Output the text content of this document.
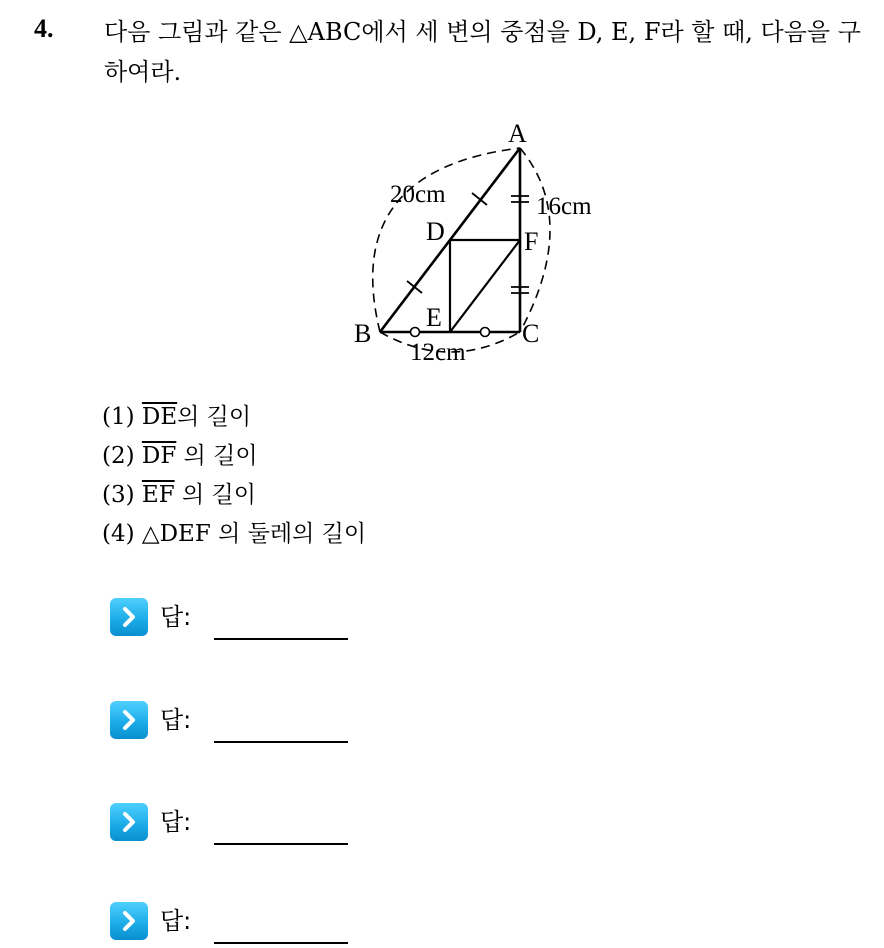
4. 다음 그림과 같은 △ABC에서 세 변의 중점을 D, E, F라 할 때, 다음을 구하여라.
A
B	C
D
E
F
20cm	16cm
12cm
(1) $\overline{DE}$의 길이
(2) $\overline{DF}$ 의 길이
(3) $\overline{EF}$ 의 길이
(4) △DEF 의 둘레의 길이
답:
답:
답:
답:
